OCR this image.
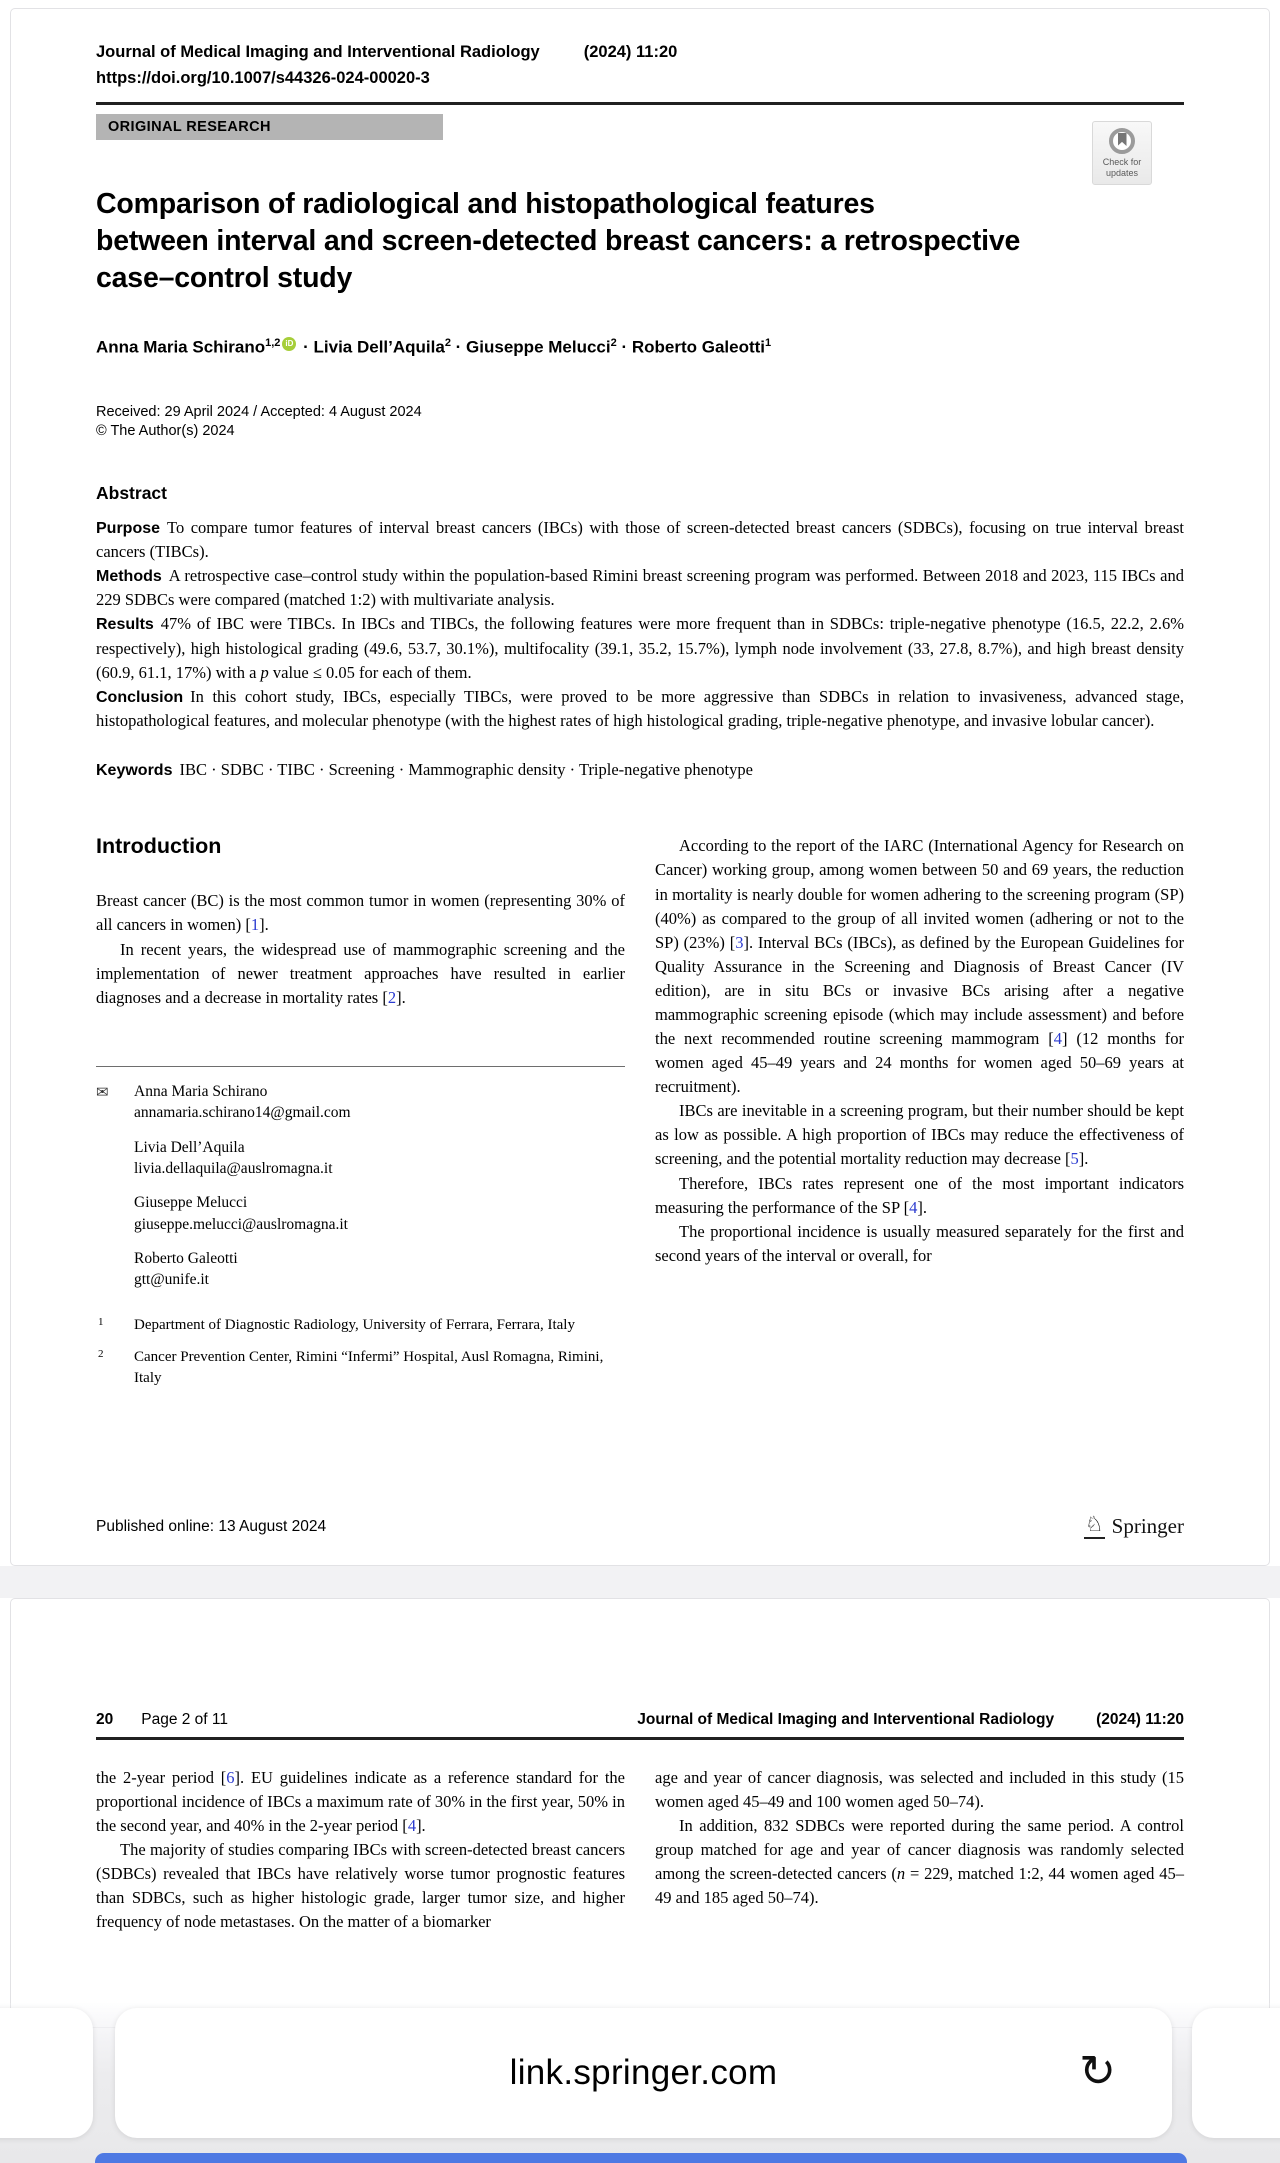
Journal of Medical Imaging and Interventional Radiology	(2024) 11:20
https://doi.org/10.1007/s44326-024-00020-3
ORIGINAL RESEARCH
Check for
updates
Comparison of radiological and histopathological features
between interval and screen-detected breast cancers: a retrospective
case–control study
Anna Maria Schirano$^{1,2}$ iD · Livia Dell’Aquila$^2$ · Giuseppe Melucci$^2$ · Roberto Galeotti$^1$
Received: 29 April 2024 / Accepted: 4 August 2024
© The Author(s) 2024
Abstract

Purpose To compare tumor features of interval breast cancers (IBCs) with those of screen-detected breast cancers (SDBCs), focusing on true interval breast cancers (TIBCs).

Methods A retrospective case–control study within the population-based Rimini breast screening program was performed. Between 2018 and 2023, 115 IBCs and 229 SDBCs were compared (matched 1:2) with multivariate analysis.

Results 47% of IBC were TIBCs. In IBCs and TIBCs, the following features were more frequent than in SDBCs: triple-negative phenotype (16.5, 22.2, 2.6% respectively), high histological grading (49.6, 53.7, 30.1%), multifocality (39.1, 35.2, 15.7%), lymph node involvement (33, 27.8, 8.7%), and high breast density (60.9, 61.1, 17%) with a p value ≤ 0.05 for each of them.

Conclusion In this cohort study, IBCs, especially TIBCs, were proved to be more aggressive than SDBCs in relation to invasiveness, advanced stage, histopathological features, and molecular phenotype (with the highest rates of high histological grading, triple-negative phenotype, and invasive lobular cancer).

Keywords IBC · SDBC · TIBC · Screening · Mammographic density · Triple-negative phenotype

Introduction

Breast cancer (BC) is the most common tumor in women (representing 30% of all cancers in women) [1].

In recent years, the widespread use of mammographic screening and the implementation of newer treatment approaches have resulted in earlier diagnoses and a decrease in mortality rates [2].

✉ Anna Maria Schirano
annamaria.schirano14@gmail.com
Livia Dell’Aquila
livia.dellaquila@auslromagna.it
Giuseppe Melucci
giuseppe.melucci@auslromagna.it
Roberto Galeotti
gtt@unife.it
1 Department of Diagnostic Radiology, University of Ferrara, Ferrara, Italy
2 Cancer Prevention Center, Rimini “Infermi” Hospital, Ausl Romagna, Rimini, Italy

According to the report of the IARC (International Agency for Research on Cancer) working group, among women between 50 and 69 years, the reduction in mortality is nearly double for women adhering to the screening program (SP) (40%) as compared to the group of all invited women (adhering or not to the SP) (23%) [3]. Interval BCs (IBCs), as defined by the European Guidelines for Quality Assurance in the Screening and Diagnosis of Breast Cancer (IV edition), are in situ BCs or invasive BCs arising after a negative mammographic screening episode (which may include assessment) and before the next recommended routine screening mammogram [4] (12 months for women aged 45–49 years and 24 months for women aged 50–69 years at recruitment).

IBCs are inevitable in a screening program, but their number should be kept as low as possible. A high proportion of IBCs may reduce the effectiveness of screening, and the potential mortality reduction may decrease [5].

Therefore, IBCs rates represent one of the most important indicators measuring the performance of the SP [4].

The proportional incidence is usually measured separately for the first and second years of the interval or overall, for

Published online: 13 August 2024	♘ Springer
20 Page 2 of 11	Journal of Medical Imaging and Interventional Radiology	(2024) 11:20

the 2-year period [6]. EU guidelines indicate as a reference standard for the proportional incidence of IBCs a maximum rate of 30% in the first year, 50% in the second year, and 40% in the 2-year period [4].

The majority of studies comparing IBCs with screen-detected breast cancers (SDBCs) revealed that IBCs have relatively worse tumor prognostic features than SDBCs, such as higher histologic grade, larger tumor size, and higher frequency of node metastases. On the matter of a biomarker

age and year of cancer diagnosis, was selected and included in this study (15 women aged 45–49 and 100 women aged 50–74).

In addition, 832 SDBCs were reported during the same period. A control group matched for age and year of cancer diagnosis was randomly selected among the screen-detected cancers (n = 229, matched 1:2, 44 women aged 45–49 and 185 aged 50–74).

link.springer.com	↻
